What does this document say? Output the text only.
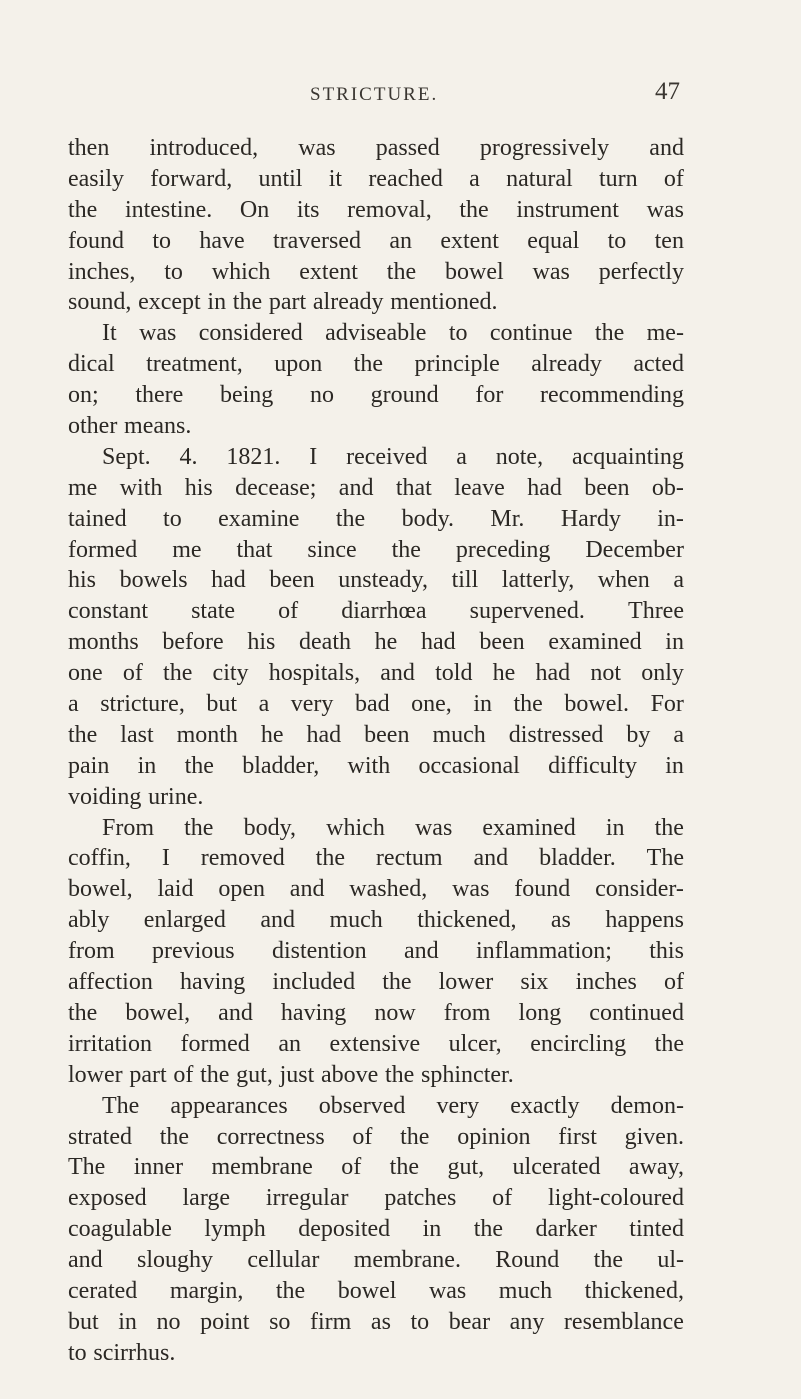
STRICTURE.	47
then introduced, was passed progressively and
easily forward, until it reached a natural turn of
the intestine. On its removal, the instrument was
found to have traversed an extent equal to ten
inches, to which extent the bowel was perfectly
sound, except in the part already mentioned.
It was considered adviseable to continue the me-
dical treatment, upon the principle already acted
on; there being no ground for recommending
other means.
Sept. 4. 1821. I received a note, acquainting
me with his decease; and that leave had been ob-
tained to examine the body. Mr. Hardy in-
formed me that since the preceding December
his bowels had been unsteady, till latterly, when a
constant state of diarrhœa supervened. Three
months before his death he had been examined in
one of the city hospitals, and told he had not only
a stricture, but a very bad one, in the bowel. For
the last month he had been much distressed by a
pain in the bladder, with occasional difficulty in
voiding urine.
From the body, which was examined in the
coffin, I removed the rectum and bladder. The
bowel, laid open and washed, was found consider-
ably enlarged and much thickened, as happens
from previous distention and inflammation; this
affection having included the lower six inches of
the bowel, and having now from long continued
irritation formed an extensive ulcer, encircling the
lower part of the gut, just above the sphincter.
The appearances observed very exactly demon-
strated the correctness of the opinion first given.
The inner membrane of the gut, ulcerated away,
exposed large irregular patches of light-coloured
coagulable lymph deposited in the darker tinted
and sloughy cellular membrane. Round the ul-
cerated margin, the bowel was much thickened,
but in no point so firm as to bear any resemblance
to scirrhus.
